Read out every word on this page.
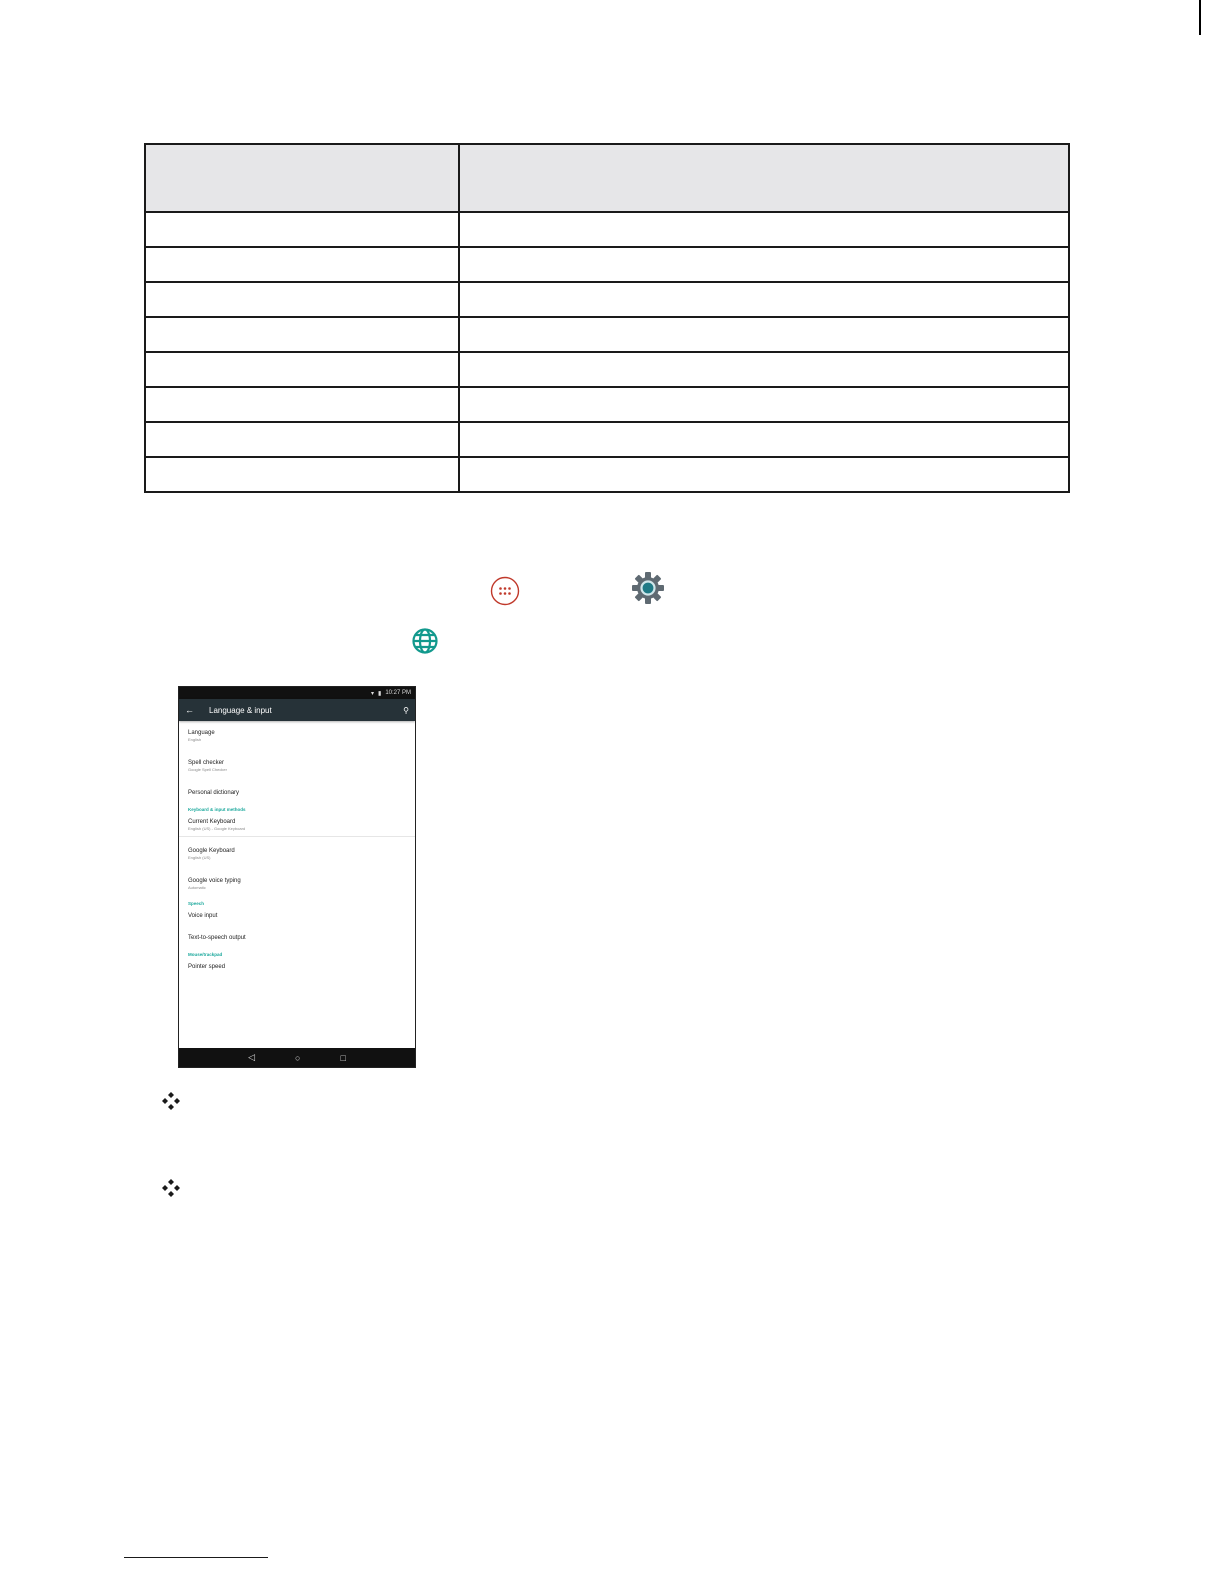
▾ ▮ 10:27 PM
←	Language & input	⚲
Language
English
Spell checker
Google Spell Checker
Personal dictionary
Keyboard & input methods
Current Keyboard
English (US) - Google Keyboard
Google Keyboard
English (US)
Google voice typing
Automatic
Speech
Voice input
Text-to-speech output
Mouse/trackpad
Pointer speed
◁	○	□
